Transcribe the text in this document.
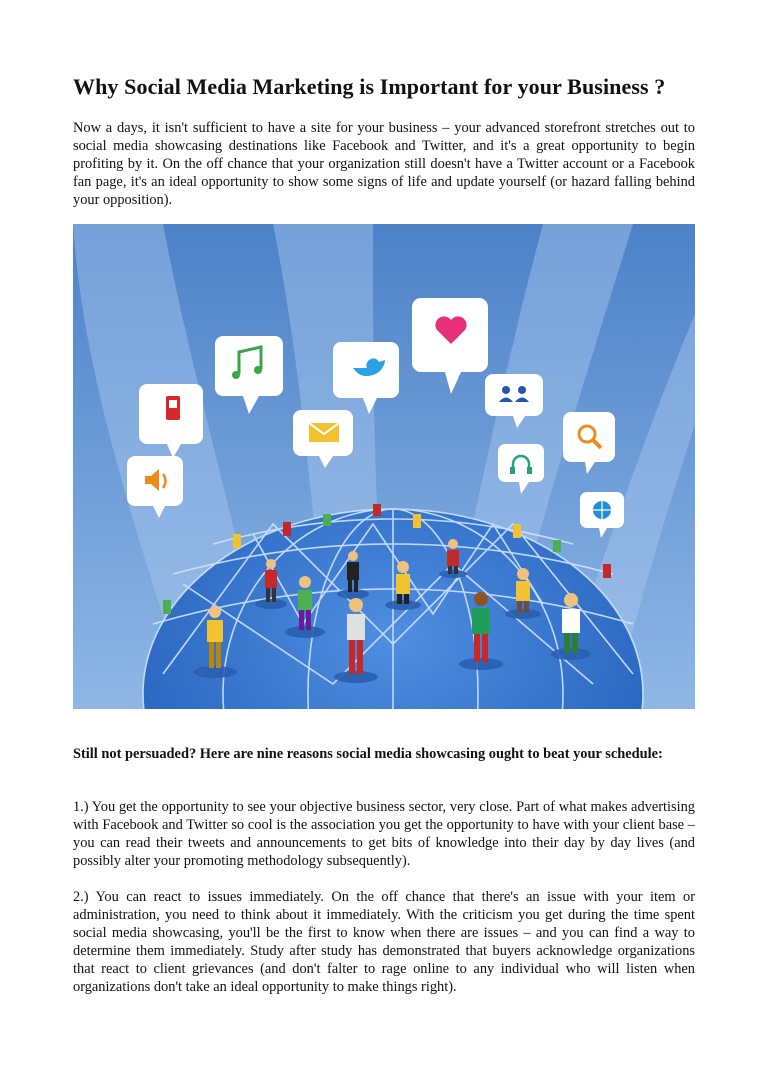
Why Social Media Marketing is Important for your Business ?

Now a days, it isn't sufficient to have a site for your business – your advanced storefront stretches out to social media showcasing destinations like Facebook and Twitter, and it's a great opportunity to begin profiting by it. On the off chance that your organization still doesn't have a Twitter account or a Facebook fan page, it's an ideal opportunity to show some signs of life and update yourself (or hazard falling behind your opposition).

Still not persuaded? Here are nine reasons social media showcasing ought to beat your schedule:

1.) You get the opportunity to see your objective business sector, very close. Part of what makes advertising with Facebook and Twitter so cool is the association you get the opportunity to have with your client base – you can read their tweets and announcements to get bits of knowledge into their day by day lives (and possibly alter your promoting methodology subsequently).

2.) You can react to issues immediately. On the off chance that there's an issue with your item or administration, you need to think about it immediately. With the criticism you get during the time spent social media showcasing, you'll be the first to know when there are issues – and you can find a way to determine them immediately. Study after study has demonstrated that buyers acknowledge organizations that react to client grievances (and don't falter to rage online to any individual who will listen when organizations don't take an ideal opportunity to make things right).
